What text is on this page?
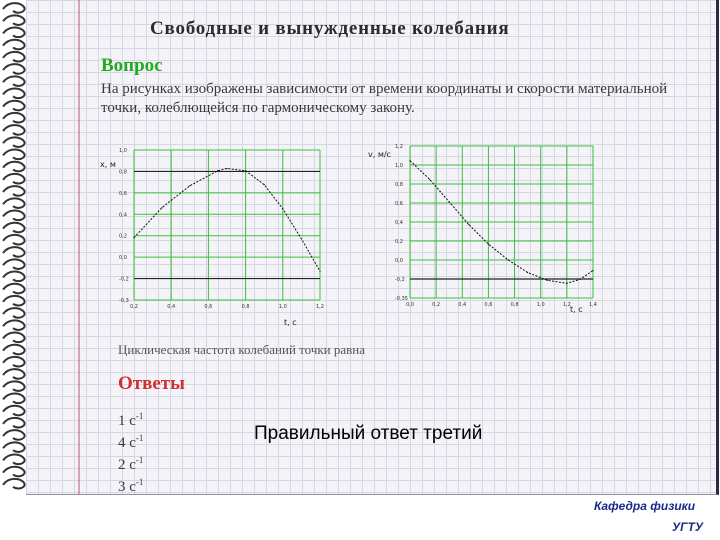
Свободные и вынужденные колебания
Вопрос
На рисунках изображены зависимости от времени координаты и скорости материальной точки, колеблющейся по гармоническому закону.
x, м
t, с
0,2	0,4	0,6	0,8	1,0	1,2
1,0
0,8
0,6
0,4
0,2
0,0
-0,2
-0,3
v, м/с
t, с
0,0	0,2	0,4	0,6	0,8	1,0	1,2	1,4
1,2
1,0
0,8
0,6
0,4
0,2
0,0
-0,2
-0,35
Циклическая частота колебаний точки равна
Ответы
1 $с^{-1}$
4 $с^{-1}$
2 $с^{-1}$
3 $с^{-1}$
Правильный ответ третий
Кафедра физики
УГТУ
